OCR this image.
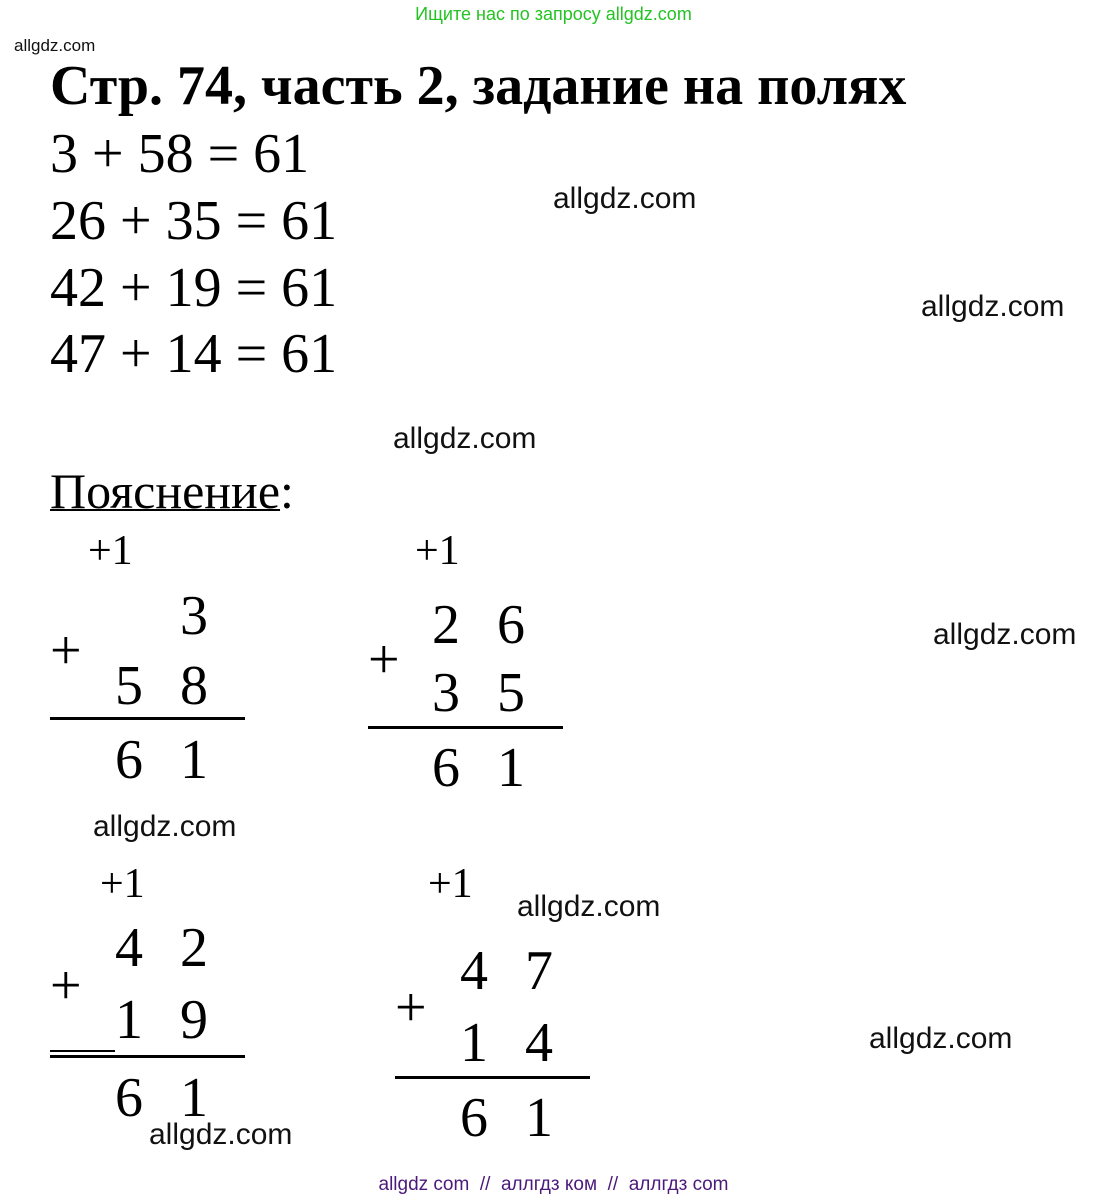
Ищите нас по запросу allgdz.com
allgdz.com
Стр. 74, часть 2, задание на полях
3 + 58 = 61
26 + 35 = 61
42 + 19 = 61
47 + 14 = 61
allgdz.com
allgdz.com
allgdz.com
allgdz.com
allgdz.com
allgdz.com
allgdz.com
allgdz.com
Пояснение:
+1
3
+
5 8
6 1
+1
2 6
+
3 5
6 1
+1
4 2
+
1 9
6 1
+1
4 7
+
1 4
6 1
allgdz com  //  аллгдз ком  //  аллгдз com
